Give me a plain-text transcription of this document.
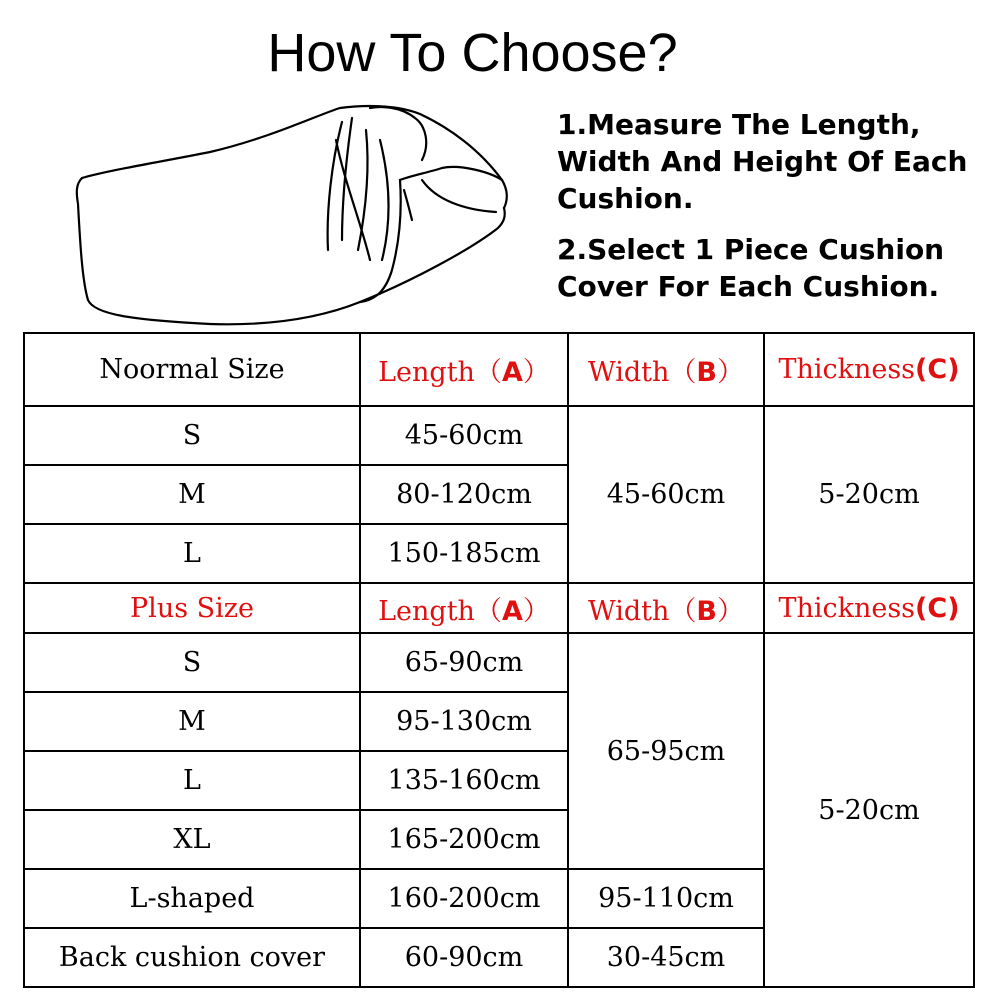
How To Choose?

1.Measure The Length, Width And Height Of Each Cushion.

2.Select 1 Piece Cushion Cover For Each Cushion.

Noormal Size	Length（A）	Width（B）	Thickness(C)
S	45-60cm	45-60cm	5-20cm
M	80-120cm		
L	150-185cm		
Plus Size	Length（A）	Width（B）	Thickness(C)
S	65-90cm	65-95cm	5-20cm
M	95-130cm		
L	135-160cm		
XL	165-200cm		
L-shaped	160-200cm	95-110cm	
Back cushion cover	60-90cm	30-45cm	
